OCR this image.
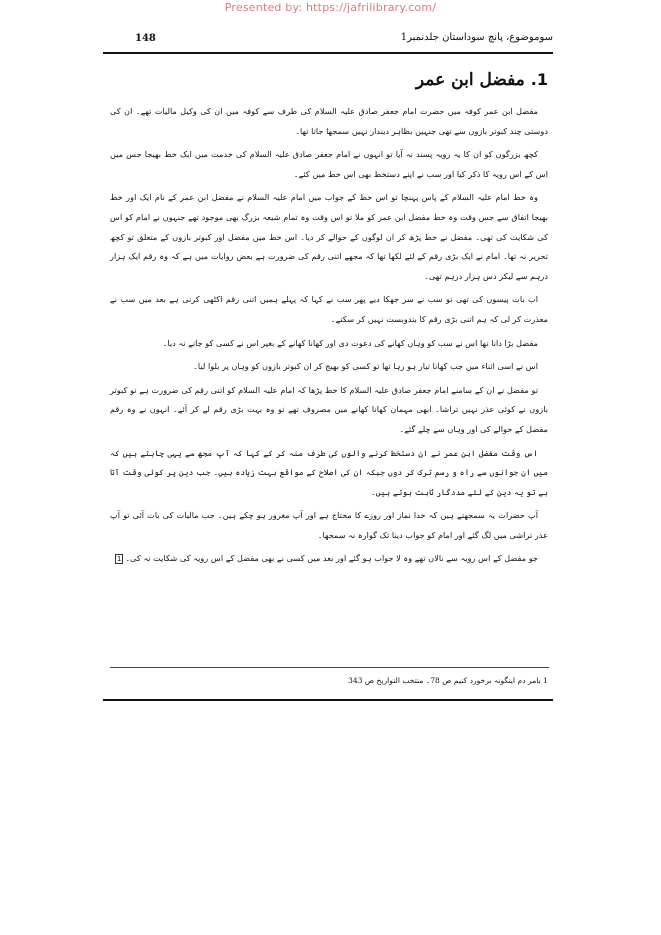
Presented by: https://jafrilibrary.com/
148	سوموضوع، پانچ سوداستان جلدنمبر1
1.مفضل ابن عمر

مفضل ابن عمر کوفہ میں حضرت امام جعفر صادق علیہ السلام کی طرف سے کوفہ میں ان کی وکیل مالیات تھے۔ ان کی دوستی چند کبوتر بازوں سے تھی جنہیں بظاہر دیندار نہیں سمجھا جاتا تھا۔

کچھ بزرگوں کو ان کا یہ رویہ پسند نہ آیا تو انہوں نے امام جعفر صادق علیہ السلام کی خدمت میں ایک خط بھیجا جس میں اس کے اس رویہ کا ذکر کیا اور سب نے اپنے دستخط بھی اس خط میں کئے۔

وہ خط امام علیہ السلام کے پاس پہنچا تو اس خط کے جواب میں امام علیہ السلام نے مفضل ابن عمر کے نام ایک اور خط بھیجا اتفاق سے جس وقت وہ خط مفضل ابن عمر کو ملا تو اس وقت وہ تمام شیعہ بزرگ بھی موجود تھے جنہوں نے امام کو اس کی شکایت کی تھی۔ مفضل نے خط پڑھ کر ان لوگوں کے حوالے کر دیا۔ اس خط میں مفضل اور کبوتر بازوں کے متعلق تو کچھ تحریر نہ تھا۔ امام نے ایک بڑی رقم کے لئے لکھا تھا کہ مجھے اتنی رقم کی ضرورت ہے بعض روایات میں ہے کہ وہ رقم ایک ہزار درہم سے لیکر دس ہزار درہم تھی۔

اب بات پیسوں کی تھی تو سب نے سر جھکا دیے پھر سب نے کہا کہ پہلے ہمیں اتنی رقم اکٹھی کرنی ہے بعد میں سب نے معذرت کر لی کہ ہم اتنی بڑی رقم کا بندوبست نہیں کر سکتے۔

مفضل بڑا دانا تھا اس نے سب کو وہاں کھانے کی دعوت دی اور کھانا کھانے کے بغیر اس نے کسی کو جانے نہ دیا۔

اس نے اسی اثناء میں جب کھانا تیار ہو رہا تھا تو کسی کو بھیج کر ان کبوتر بازوں کو وہاں پر بلوا لیا۔

تو مفضل نے ان کے سامنے امام جعفر صادق علیہ السلام کا خط پڑھا کہ امام علیہ السلام کو اتنی رقم کی ضرورت ہے تو کبوتر بازوں نے کوئی عذر نہیں تراشا۔ ابھی مہمان کھانا کھانے میں مصروف تھے تو وہ بہت بڑی رقم لے کر آئے۔ انہوں نے وہ رقم مفضل کے حوالے کی اور وہاں سے چلے گئے۔

اس وقت مفضل ابن عمر نے ان دستخط کرنے والوں کی طرف منہ کر کے کہا کہ آپ مجھ سے یہی چاہتے ہیں کہ میں ان جوانوں سے راہ و رسم ترک کر دوں جبکہ ان کی اصلاح کے مواقع بہت زیادہ ہیں۔ جب دین پر کوئی وقت آتا ہے تو یہ دین کے لئے مددگار ثابت ہوتے ہیں۔

آپ حضرات یہ سمجھتے ہیں کہ خدا نماز اور روزے کا محتاج ہے اور آپ مغرور ہو چکے ہیں۔ جب مالیات کی بات آئی تو آپ عذر تراشی میں لگ گئے اور امام کو جواب دینا تک گوارہ نہ سمجھا۔

جو مفضل کے اس رویہ سے نالاں تھے وہ لا جواب ہو گئے اور بعد میں کسی نے بھی مفضل کے اس رویہ کی شکایت نہ کی۔1

1 بامر دم اینگونہ برخورد کنیم ص 78۔ منتخب التواریخ ص 343
